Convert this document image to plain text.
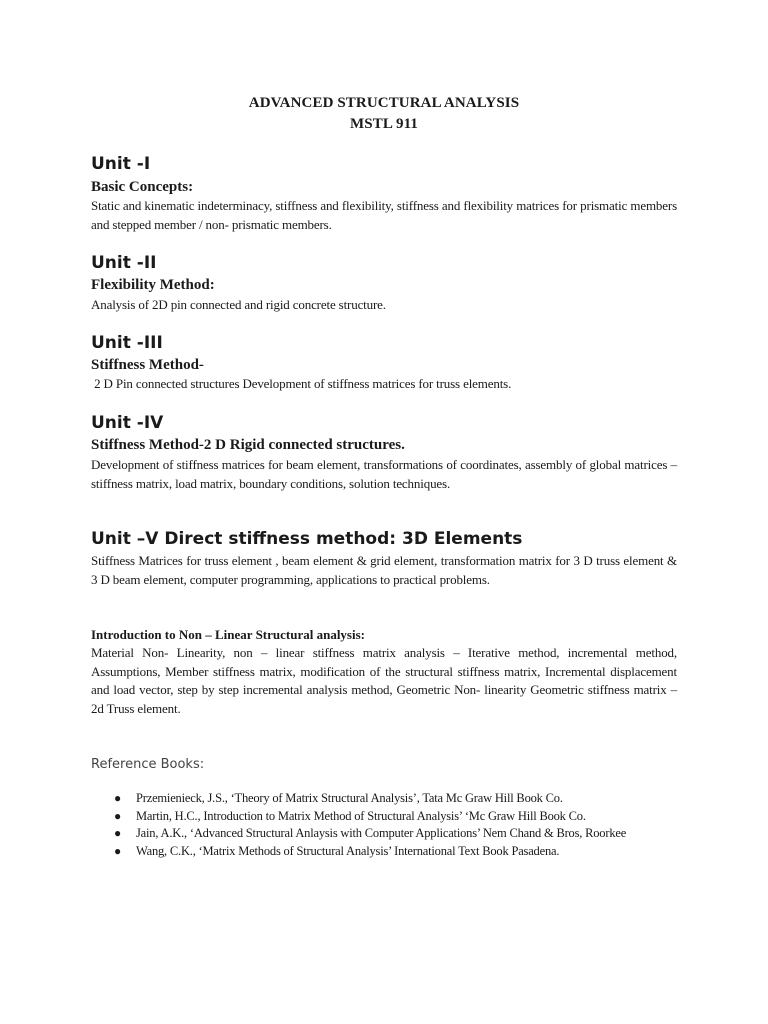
ADVANCED STRUCTURAL ANALYSIS
MSTL 911
Unit -I
Basic Concepts:
Static and kinematic indeterminacy, stiffness and flexibility, stiffness and flexibility matrices for prismatic members and stepped member / non- prismatic members.
Unit -II
Flexibility Method:
Analysis of 2D pin connected and rigid concrete structure.
Unit -III
Stiffness Method-
2 D Pin connected structures Development of stiffness matrices for truss elements.
Unit -IV
Stiffness Method-2 D Rigid connected structures.
Development of stiffness matrices for beam element, transformations of coordinates, assembly of global matrices – stiffness matrix, load matrix, boundary conditions, solution techniques.
Unit –V Direct stiffness method: 3D Elements
Stiffness Matrices for truss element , beam element & grid element, transformation matrix for 3 D truss element & 3 D beam element, computer programming, applications to practical problems.
Introduction to Non – Linear Structural analysis:
Material Non- Linearity, non – linear stiffness matrix analysis – Iterative method, incremental method, Assumptions, Member stiffness matrix, modification of the structural stiffness matrix, Incremental displacement and load vector, step by step incremental analysis method, Geometric Non- linearity Geometric stiffness matrix – 2d Truss element.
Reference Books:
● Przemienieck, J.S., ‘Theory of Matrix Structural Analysis’, Tata Mc Graw Hill Book Co.
● Martin, H.C., Introduction to Matrix Method of Structural Analysis’ ‘Mc Graw Hill Book Co.
● Jain, A.K., ‘Advanced Structural Anlaysis with Computer Applications’ Nem Chand & Bros, Roorkee
● Wang, C.K., ‘Matrix Methods of Structural Analysis’ International Text Book Pasadena.
